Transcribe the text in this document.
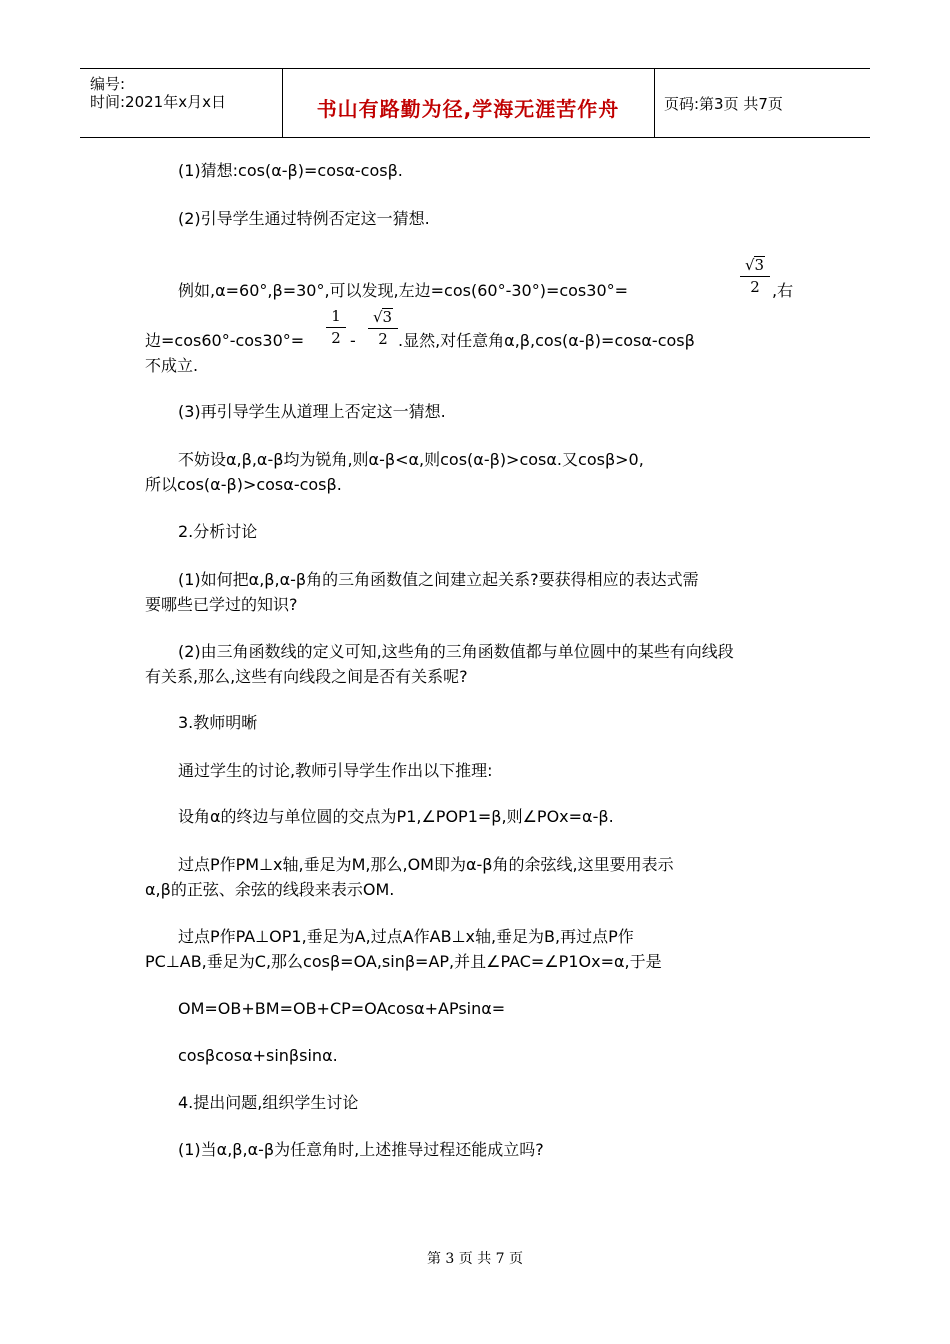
编号:
时间:2021年x月x日	书山有路勤为径,学海无涯苦作舟	页码:第3页 共7页
(1)猜想:cos(α-β)=cosα-cosβ.
(2)引导学生通过特例否定这一猜想.
例如,α=60°,β=30°,可以发现,左边=cos(60°-30°)=cos30°=
√3
2 ,右
边=cos60°-cos30°=
1
2 -
√3
2 .显然,对任意角α,β,cos(α-β)=cosα-cosβ
不成立.
(3)再引导学生从道理上否定这一猜想.
不妨设α,β,α-β均为锐角,则α-β<α,则cos(α-β)>cosα.又cosβ>0,
所以cos(α-β)>cosα-cosβ.
2.分析讨论
(1)如何把α,β,α-β角的三角函数值之间建立起关系?要获得相应的表达式需
要哪些已学过的知识?
(2)由三角函数线的定义可知,这些角的三角函数值都与单位圆中的某些有向线段
有关系,那么,这些有向线段之间是否有关系呢?
3.教师明晰
通过学生的讨论,教师引导学生作出以下推理:
设角α的终边与单位圆的交点为P1,∠POP1=β,则∠POx=α-β.
过点P作PM⊥x轴,垂足为M,那么,OM即为α-β角的余弦线,这里要用表示
α,β的正弦、余弦的线段来表示OM.
过点P作PA⊥OP1,垂足为A,过点A作AB⊥x轴,垂足为B,再过点P作
PC⊥AB,垂足为C,那么cosβ=OA,sinβ=AP,并且∠PAC=∠P1Ox=α,于是
OM=OB+BM=OB+CP=OAcosα+APsinα=
cosβcosα+sinβsinα.
4.提出问题,组织学生讨论
(1)当α,β,α-β为任意角时,上述推导过程还能成立吗?
第 3 页 共 7 页
